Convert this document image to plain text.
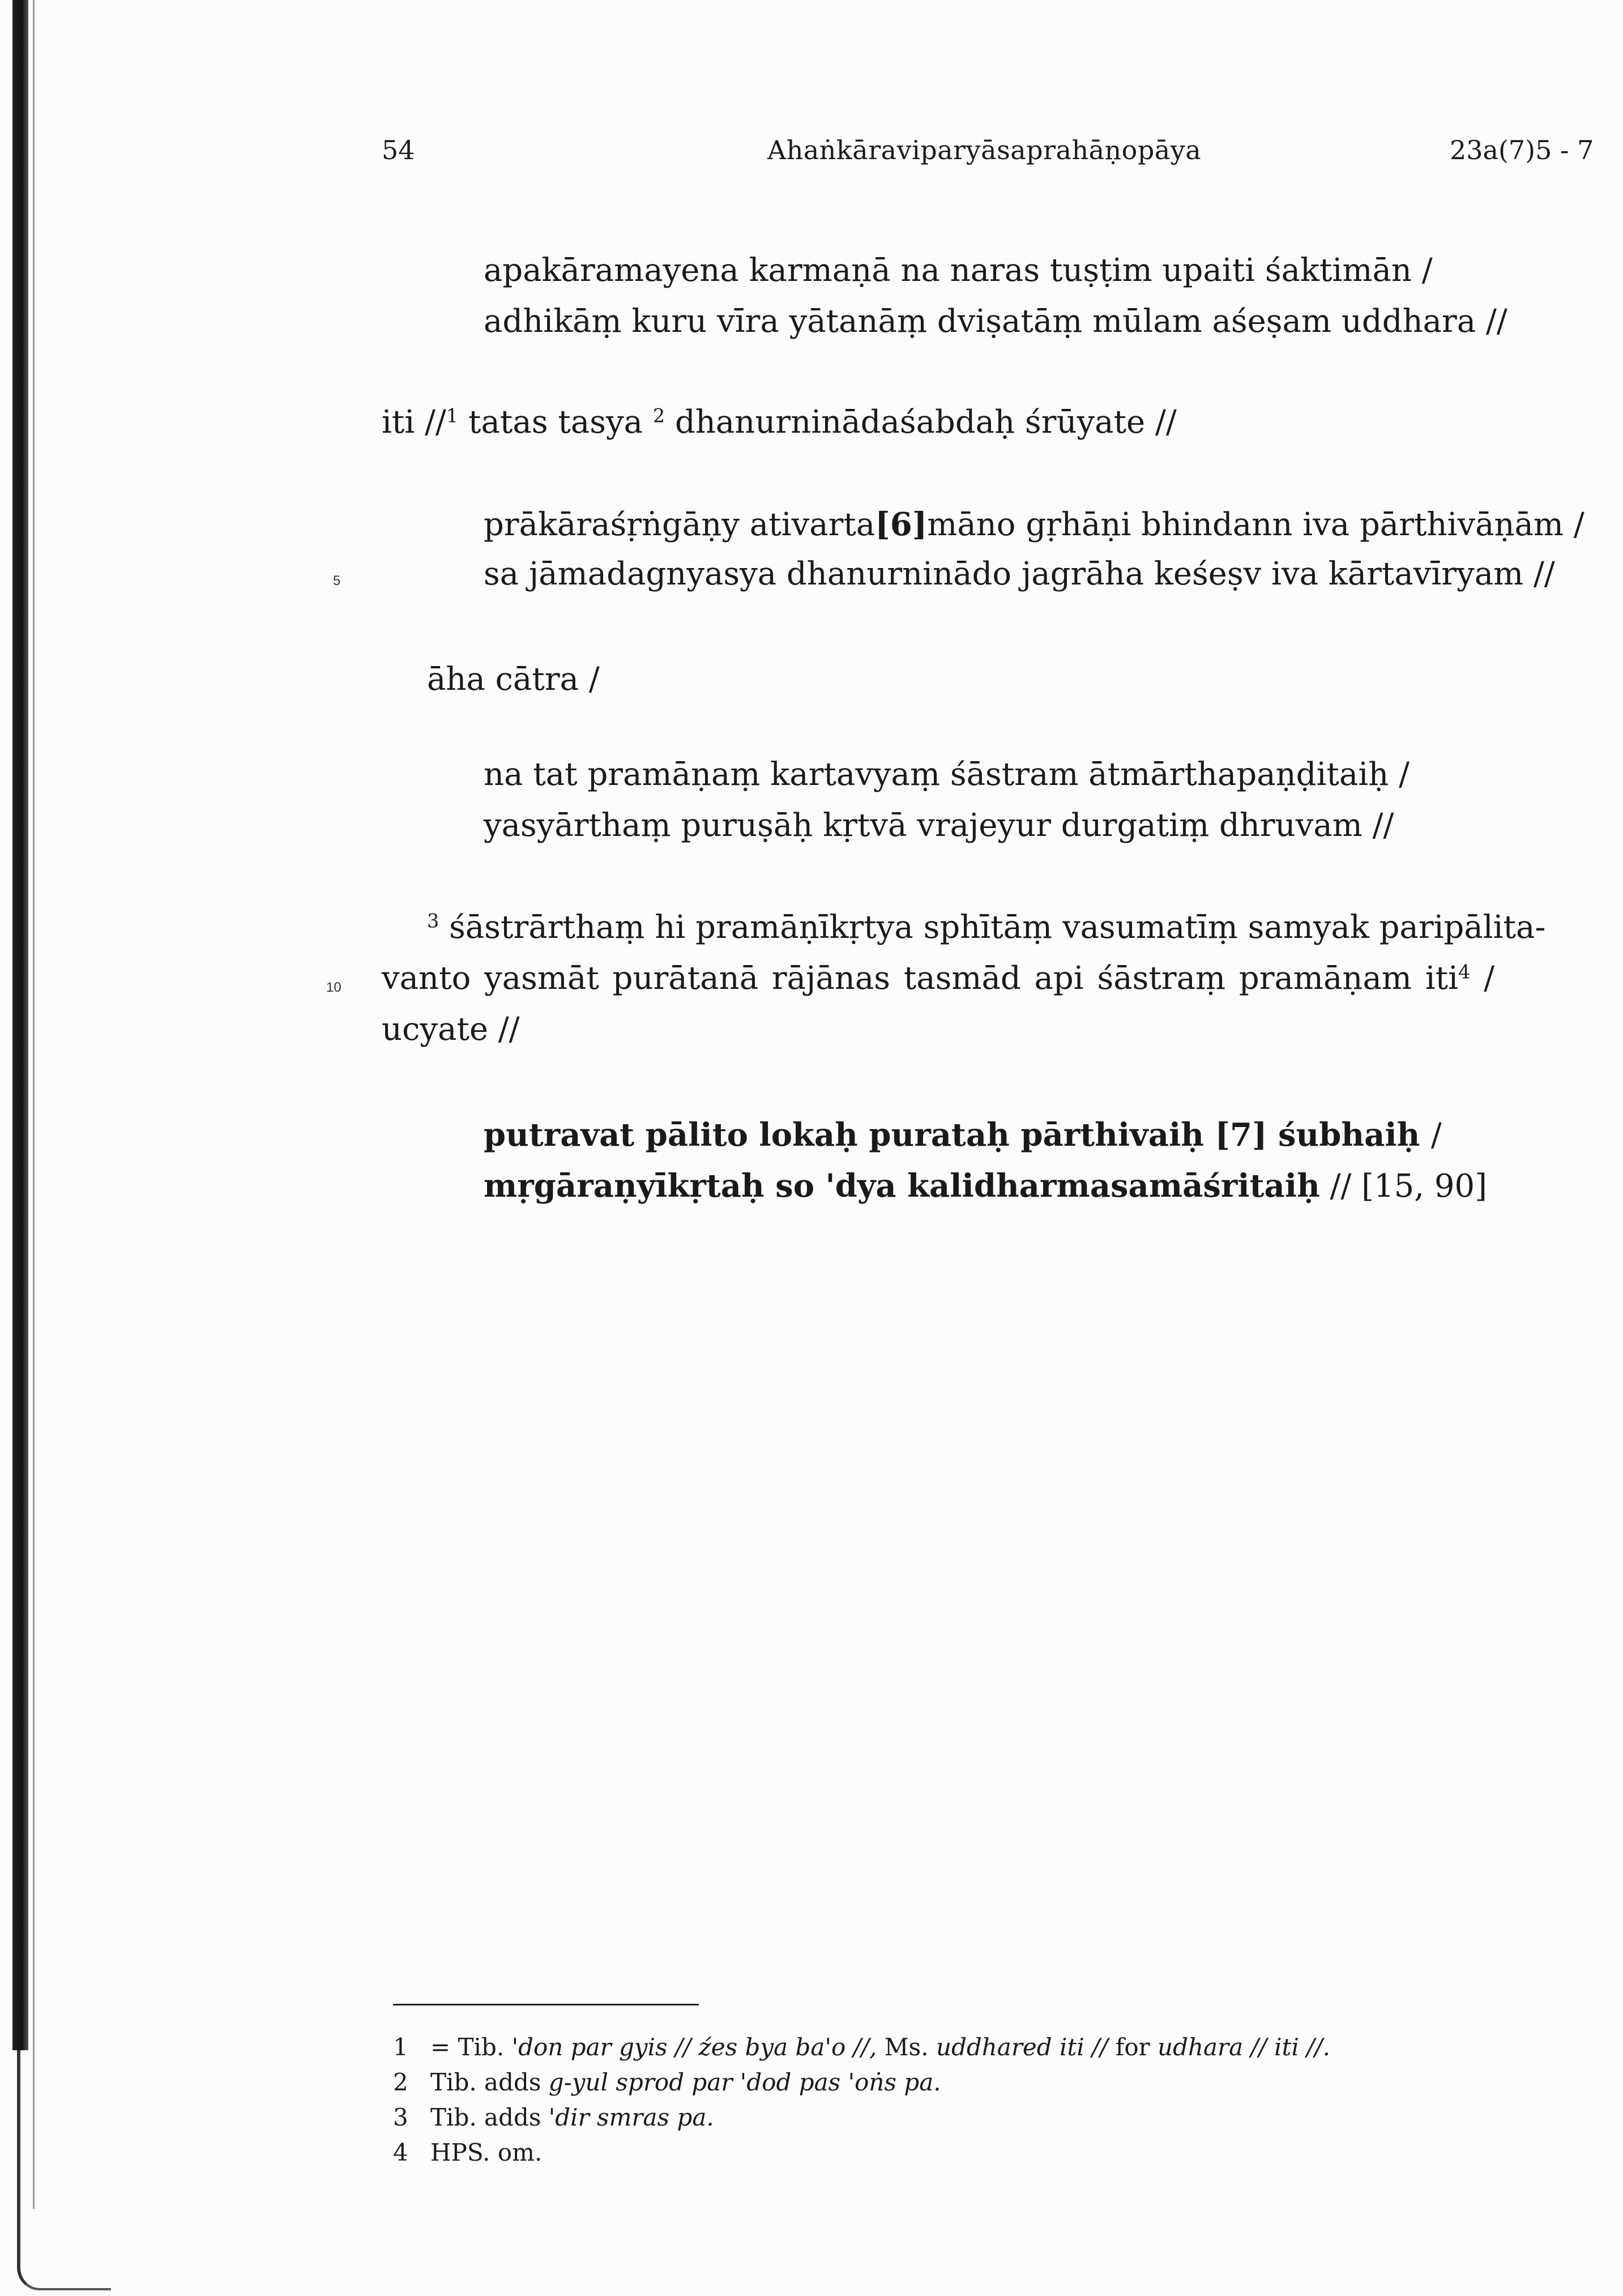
54	Ahaṅkāraviparyāsaprahāṇopāya	23a(7)5 - 7
apakāramayena karmaṇā na naras tuṣṭim upaiti śaktimān /
adhikāṃ kuru vīra yātanāṃ dviṣatāṃ mūlam aśeṣam uddhara //
iti //$^1$ tatas tasya $^2$ dhanurninādaśabdaḥ śrūyate //
prākāraśṛṅgāṇy ativarta[6]māno gṛhāṇi bhindann iva pārthivāṇām /
5	sa jāmadagnyasya dhanurninādo jagrāha keśeṣv iva kārtavīryam //
āha cātra /
na tat pramāṇaṃ kartavyaṃ śāstram ātmārthapaṇḍitaiḥ /
yasyārthaṃ puruṣāḥ kṛtvā vrajeyur durgatiṃ dhruvam //
$^3$ śāstrārthaṃ hi pramāṇīkṛtya sphītāṃ vasumatīṃ samyak paripālita-
10 vanto yasmāt purātanā rājānas tasmād api śāstraṃ pramāṇam iti$^4$ /
ucyate //
putravat pālito lokaḥ purataḥ pārthivaiḥ [7] śubhaiḥ /
mṛgāraṇyīkṛtaḥ so 'dya kalidharmasamāśritaiḥ // [15, 90]
1 = Tib. 'don par gyis // źes bya ba'o //, Ms. uddhared iti // for udhara // iti //.
2 Tib. adds g-yul sprod par 'dod pas 'oṅs pa.
3 Tib. adds 'dir smras pa.
4 HPS. om.
